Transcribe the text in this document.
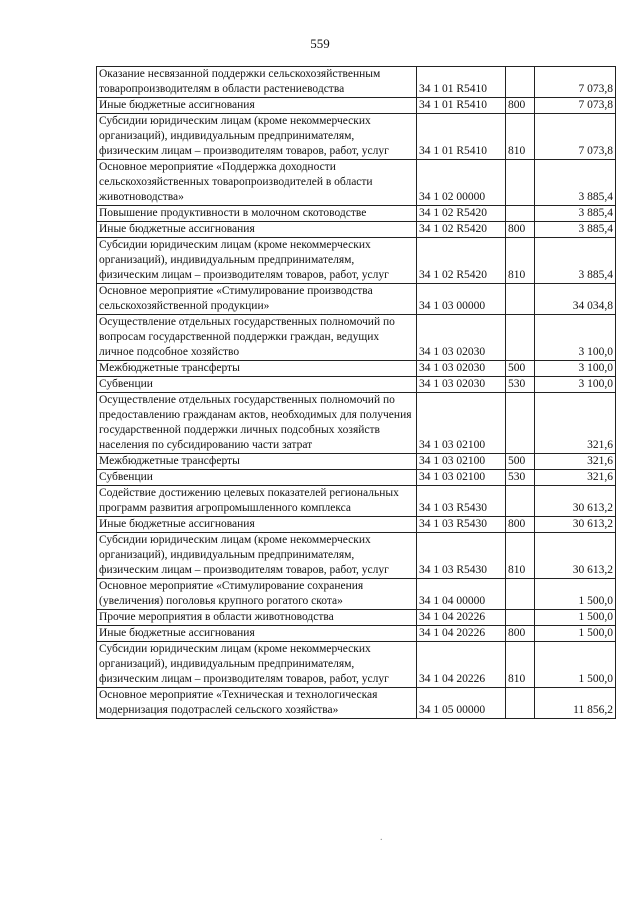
559
Оказание несвязанной поддержки сельскохозяйственным товаропроизводителям в области растениеводства	34 1 01 R5410		7 073,8
Иные бюджетные ассигнования	34 1 01 R5410	800	7 073,8
Субсидии юридическим лицам (кроме некоммерческих организаций), индивидуальным предпринимателям, физическим лицам – производителям товаров, работ, услуг	34 1 01 R5410	810	7 073,8
Основное мероприятие «Поддержка доходности сельскохозяйственных товаропроизводителей в области животноводства»	34 1 02 00000		3 885,4
Повышение продуктивности в молочном скотоводстве	34 1 02 R5420		3 885,4
Иные бюджетные ассигнования	34 1 02 R5420	800	3 885,4
Субсидии юридическим лицам (кроме некоммерческих организаций), индивидуальным предпринимателям, физическим лицам – производителям товаров, работ, услуг	34 1 02 R5420	810	3 885,4
Основное мероприятие «Стимулирование производства сельскохозяйственной продукции»	34 1 03 00000		34 034,8
Осуществление отдельных государственных полномочий по вопросам государственной поддержки граждан, ведущих личное подсобное хозяйство	34 1 03 02030		3 100,0
Межбюджетные трансферты	34 1 03 02030	500	3 100,0
Субвенции	34 1 03 02030	530	3 100,0
Осуществление отдельных государственных полномочий по предоставлению гражданам актов, необходимых для получения государственной поддержки личных подсобных хозяйств населения по субсидированию части затрат	34 1 03 02100		321,6
Межбюджетные трансферты	34 1 03 02100	500	321,6
Субвенции	34 1 03 02100	530	321,6
Содействие достижению целевых показателей региональных программ развития агропромышленного комплекса	34 1 03 R5430		30 613,2
Иные бюджетные ассигнования	34 1 03 R5430	800	30 613,2
Субсидии юридическим лицам (кроме некоммерческих организаций), индивидуальным предпринимателям, физическим лицам – производителям товаров, работ, услуг	34 1 03 R5430	810	30 613,2
Основное мероприятие «Стимулирование сохранения (увеличения) поголовья крупного рогатого скота»	34 1 04 00000		1 500,0
Прочие мероприятия в области животноводства	34 1 04 20226		1 500,0
Иные бюджетные ассигнования	34 1 04 20226	800	1 500,0
Субсидии юридическим лицам (кроме некоммерческих организаций), индивидуальным предпринимателям, физическим лицам – производителям товаров, работ, услуг	34 1 04 20226	810	1 500,0
Основное мероприятие «Техническая и технологическая модернизация подотраслей сельского хозяйства»	34 1 05 00000		11 856,2
.
